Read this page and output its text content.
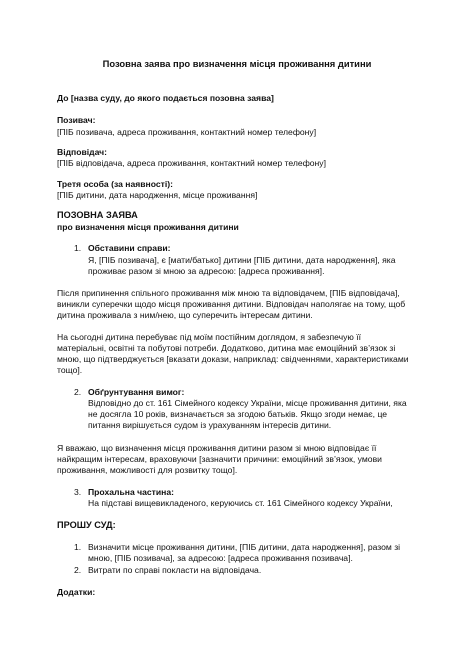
Позовна заява про визначення місця проживання дитини
До [назва суду, до якого подається позовна заява]
Позивач:
[ПІБ позивача, адреса проживання, контактний номер телефону]
Відповідач:
[ПІБ відповідача, адреса проживання, контактний номер телефону]
Третя особа (за наявності):
[ПІБ дитини, дата народження, місце проживання]
ПОЗОВНА ЗАЯВА
про визначення місця проживання дитини
1. Обставини справи:
Я, [ПІБ позивача], є [мати/батько] дитини [ПІБ дитини, дата народження], яка
проживає разом зі мною за адресою: [адреса проживання].
Після припинення спільного проживання між мною та відповідачем, [ПІБ відповідача],
виникли суперечки щодо місця проживання дитини. Відповідач наполягає на тому, щоб
дитина проживала з ним/нею, що суперечить інтересам дитини.
На сьогодні дитина перебуває під моїм постійним доглядом, я забезпечую її
матеріальні, освітні та побутові потреби. Додатково, дитина має емоційний зв’язок зі
мною, що підтверджується [вказати докази, наприклад: свідченнями, характеристиками
тощо].
2. Обґрунтування вимог:
Відповідно до ст. 161 Сімейного кодексу України, місце проживання дитини, яка
не досягла 10 років, визначається за згодою батьків. Якщо згоди немає, це
питання вирішується судом із урахуванням інтересів дитини.
Я вважаю, що визначення місця проживання дитини разом зі мною відповідає її
найкращим інтересам, враховуючи [зазначити причини: емоційний зв’язок, умови
проживання, можливості для розвитку тощо].
3. Прохальна частина:
На підставі вищевикладеного, керуючись ст. 161 Сімейного кодексу України,
ПРОШУ СУД:
1. Визначити місце проживання дитини, [ПІБ дитини, дата народження], разом зі
мною, [ПІБ позивача], за адресою: [адреса проживання позивача].
2. Витрати по справі покласти на відповідача.
Додатки:
